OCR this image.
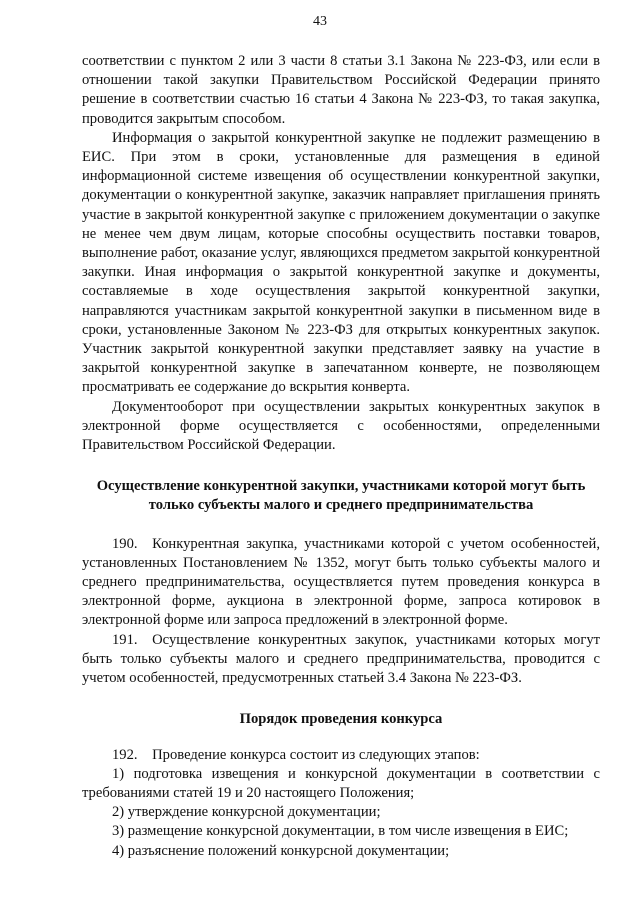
43

соответствии с пунктом 2 или 3 части 8 статьи 3.1 Закона № 223-ФЗ, или если в отношении такой закупки Правительством Российской Федерации принято решение в соответствии счастью 16 статьи 4 Закона № 223-ФЗ, то такая закупка, проводится закрытым способом.

Информация о закрытой конкурентной закупке не подлежит размещению в ЕИС. При этом в сроки, установленные для размещения в единой информационной системе извещения об осуществлении конкурентной закупки, документации о конкурентной закупке, заказчик направляет приглашения принять участие в закрытой конкурентной закупке с приложением документации о закупке не менее чем двум лицам, которые способны осуществить поставки товаров, выполнение работ, оказание услуг, являющихся предметом закрытой конкурентной закупки. Иная информация о закрытой конкурентной закупке и документы, составляемые в ходе осуществления закрытой конкурентной закупки, направляются участникам закрытой конкурентной закупки в письменном виде в сроки, установленные Законом № 223-ФЗ для открытых конкурентных закупок. Участник закрытой конкурентной закупки представляет заявку на участие в закрытой конкурентной закупке в запечатанном конверте, не позволяющем просматривать ее содержание до вскрытия конверта.

Документооборот при осуществлении закрытых конкурентных закупок в электронной форме осуществляется с особенностями, определенными Правительством Российской Федерации.

Осуществление конкурентной закупки, участниками которой могут быть только субъекты малого и среднего предпринимательства

190. Конкурентная закупка, участниками которой с учетом особенностей, установленных Постановлением № 1352, могут быть только субъекты малого и среднего предпринимательства, осуществляется путем проведения конкурса в электронной форме, аукциона в электронной форме, запроса котировок в электронной форме или запроса предложений в электронной форме.

191. Осуществление конкурентных закупок, участниками которых могут быть только субъекты малого и среднего предпринимательства, проводится с учетом особенностей, предусмотренных статьей 3.4 Закона № 223-ФЗ.

Порядок проведения конкурса

192. Проведение конкурса состоит из следующих этапов:

1) подготовка извещения и конкурсной документации в соответствии с требованиями статей 19 и 20 настоящего Положения;

2) утверждение конкурсной документации;

3) размещение конкурсной документации, в том числе извещения в ЕИС;

4) разъяснение положений конкурсной документации;
